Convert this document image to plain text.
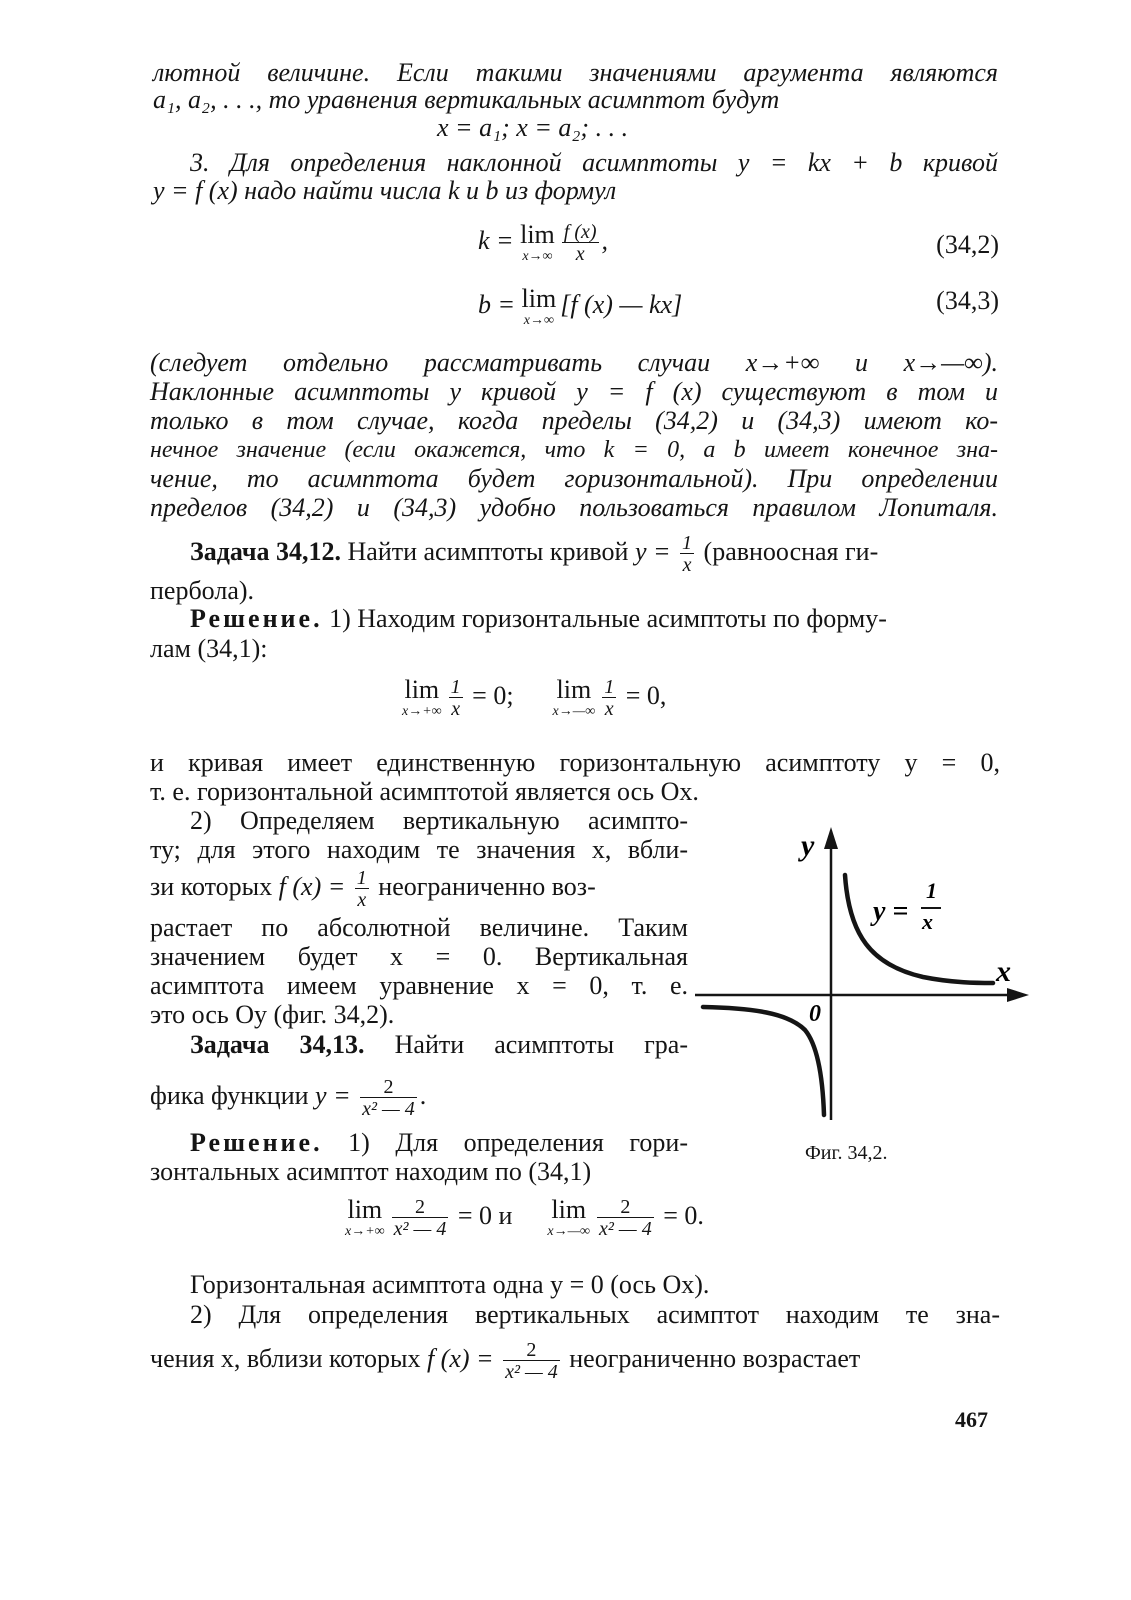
лютной величине. Если такими значениями аргумента являются
a₁, a₂, . . ., то уравнения вертикальных асимптот будут
x = a₁; x = a₂; . . .
3. Для определения наклонной асимптоты y = kx + b кривой
y = f (x) надо найти числа k и b из формул
k = lim
$x\to\infty \frac{f (x)}{x}$ ,	(34,2)
b = lim
x→∞
[f (x) — kx]	(34,3)
(следует отдельно рассматривать случаи x→+∞ и x→—∞).
Наклонные асимптоты у кривой y = f (x) существуют в том и
только в том случае, когда пределы (34,2) и (34,3) имеют ко-
нечное значение (если окажется, что k = 0, а b имеет конечное зна-
чение, то асимптота будет горизонтальной). При определении
пределов (34,2) и (34,3) удобно пользоваться правилом Лопиталя.
Задача 34,12. Найти асимптоты кривой $y = \frac{1}{x}$ (равноосная ги-
пербола).
Решение. 1) Находим горизонтальные асимптоты по форму-
лам (34,1):
lim
$x\to+\infty \frac{1}{x} = 0$; lim
x→—∞ $\frac{1}{x} = 0$,
и кривая имеет единственную горизонтальную асимптоту y = 0,
т. е. горизонтальной асимптотой является ось Ox.
2) Определяем вертикальную асимпто-
ту; для этого находим те значения x, вбли-
зи которых f $(x) = \frac{1}{x}$ неограниченно воз-
растает по абсолютной величине. Таким
значением будет x = 0. Вертикальная
асимптота имеем уравнение x = 0, т. е.
это ось Oy (фиг. 34,2).
Задача 34,13. Найти асимптоты гра-
фика функции $y = \frac{2}{\text{x² — 4}}$ .
Решение. 1) Для определения гори-
зонтальных асимптот находим по (34,1)
lim
$x\to+\infty \frac{2}{\text{x² — 4}} = 0$ и lim
x→—∞ $\frac{2}{\text{x² — 4}} = 0$.
Горизонтальная асимптота одна y = 0 (ось Ox).
2) Для определения вертикальных асимптот находим те зна-
чения x, вблизи которых f $(x) = \frac{2}{\text{x² — 4}}$ неограниченно возрастает
y
x
0
y =
1
x
Фиг. 34,2.
467
